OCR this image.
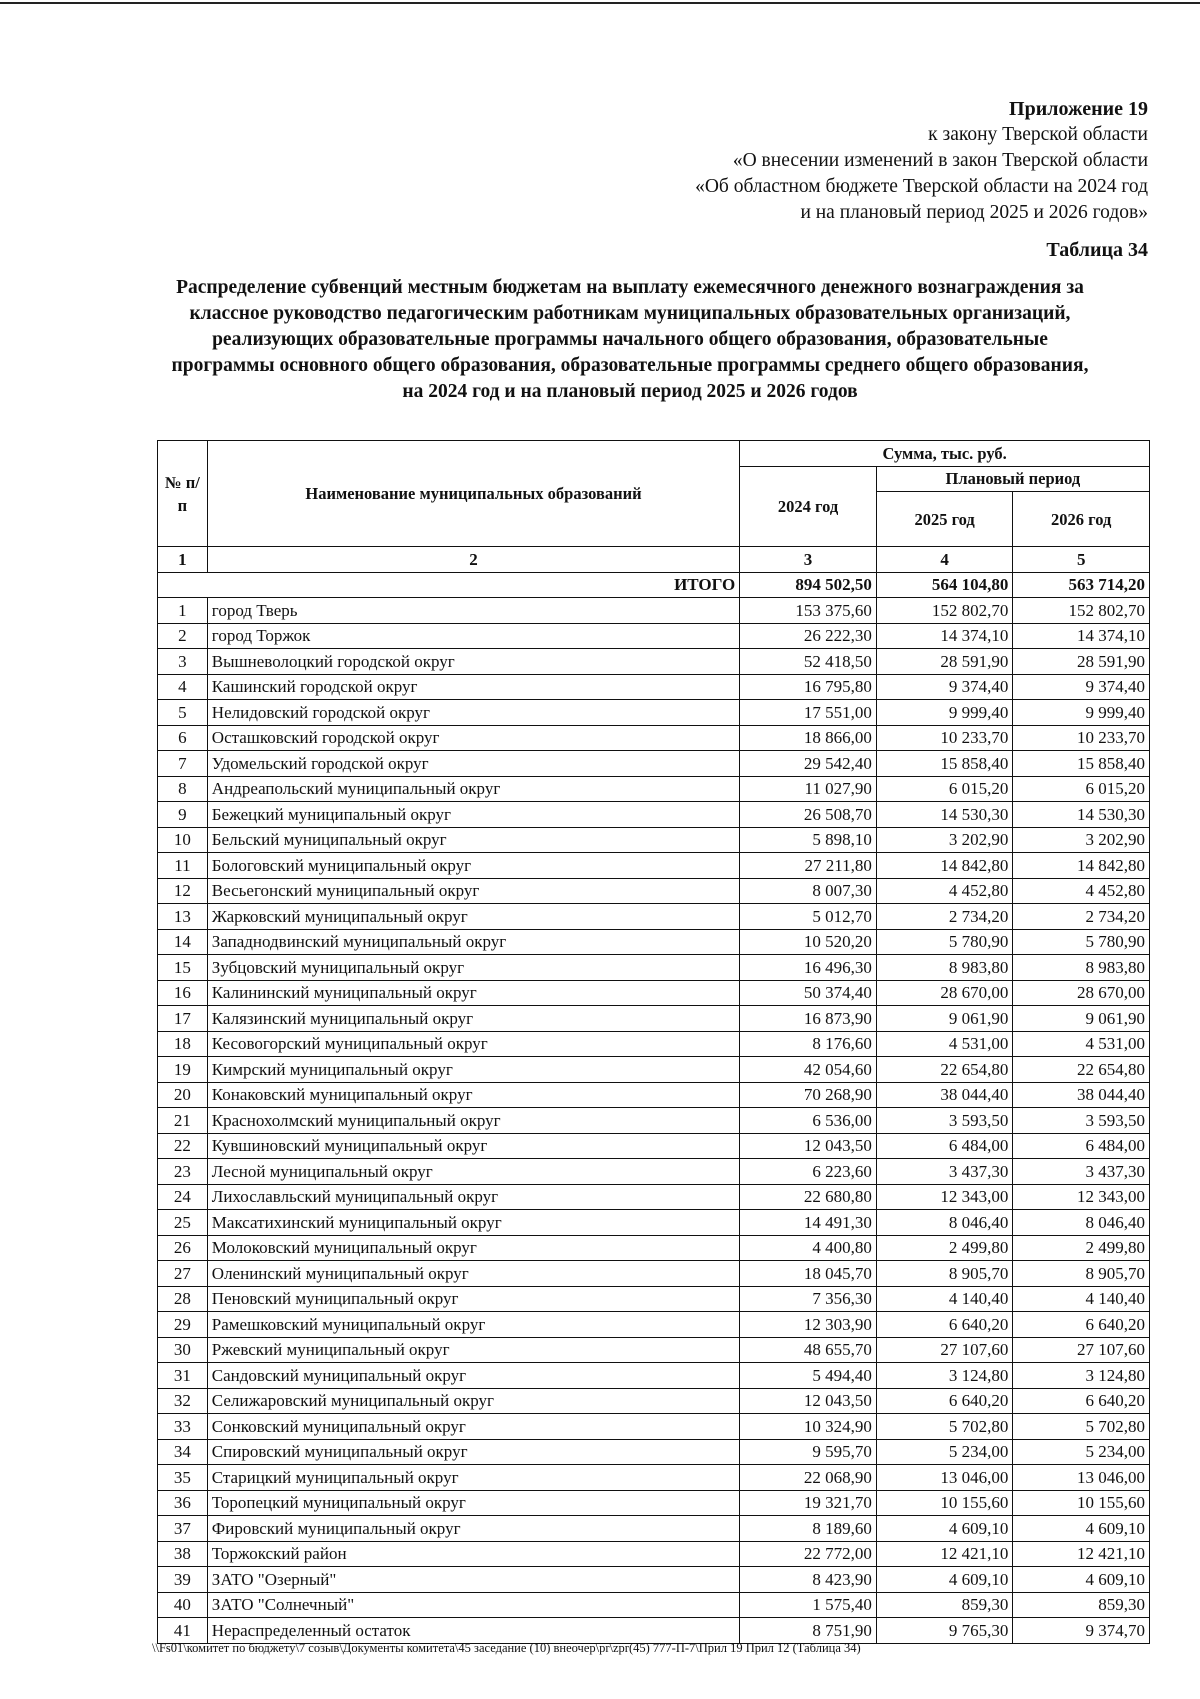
Приложение 19
к закону Тверской области
«О внесении изменений в закон Тверской области
«Об областном бюджете Тверской области на 2024 год
и на плановый период 2025 и 2026 годов»
Таблица 34
Распределение субвенций местным бюджетам на выплату ежемесячного денежного вознаграждения за
классное руководство педагогическим работникам муниципальных образовательных организаций,
реализующих образовательные программы начального общего образования, образовательные
программы основного общего образования, образовательные программы среднего общего образования,
на 2024 год и на плановый период 2025 и 2026 годов
№ п/п	Наименование муниципальных образований	Сумма, тыс. руб.		
		2024 год	Плановый период	
			2025 год	2026 год
1	2	3	4	5
ИТОГО		894 502,50	564 104,80	563 714,20
1	город Тверь	153 375,60	152 802,70	152 802,70
2	город Торжок	26 222,30	14 374,10	14 374,10
3	Вышневолоцкий городской округ	52 418,50	28 591,90	28 591,90
4	Кашинский городской округ	16 795,80	9 374,40	9 374,40
5	Нелидовский городской округ	17 551,00	9 999,40	9 999,40
6	Осташковский городской округ	18 866,00	10 233,70	10 233,70
7	Удомельский городской округ	29 542,40	15 858,40	15 858,40
8	Андреапольский муниципальный округ	11 027,90	6 015,20	6 015,20
9	Бежецкий муниципальный округ	26 508,70	14 530,30	14 530,30
10	Бельский муниципальный округ	5 898,10	3 202,90	3 202,90
11	Бологовский муниципальный округ	27 211,80	14 842,80	14 842,80
12	Весьегонский муниципальный округ	8 007,30	4 452,80	4 452,80
13	Жарковский муниципальный округ	5 012,70	2 734,20	2 734,20
14	Западнодвинский муниципальный округ	10 520,20	5 780,90	5 780,90
15	Зубцовский муниципальный округ	16 496,30	8 983,80	8 983,80
16	Калининский муниципальный округ	50 374,40	28 670,00	28 670,00
17	Калязинский муниципальный округ	16 873,90	9 061,90	9 061,90
18	Кесовогорский муниципальный округ	8 176,60	4 531,00	4 531,00
19	Кимрский муниципальный округ	42 054,60	22 654,80	22 654,80
20	Конаковский муниципальный округ	70 268,90	38 044,40	38 044,40
21	Краснохолмский муниципальный округ	6 536,00	3 593,50	3 593,50
22	Кувшиновский муниципальный округ	12 043,50	6 484,00	6 484,00
23	Лесной муниципальный округ	6 223,60	3 437,30	3 437,30
24	Лихославльский муниципальный округ	22 680,80	12 343,00	12 343,00
25	Максатихинский муниципальный округ	14 491,30	8 046,40	8 046,40
26	Молоковский муниципальный округ	4 400,80	2 499,80	2 499,80
27	Оленинский муниципальный округ	18 045,70	8 905,70	8 905,70
28	Пеновский муниципальный округ	7 356,30	4 140,40	4 140,40
29	Рамешковский муниципальный округ	12 303,90	6 640,20	6 640,20
30	Ржевский муниципальный округ	48 655,70	27 107,60	27 107,60
31	Сандовский муниципальный округ	5 494,40	3 124,80	3 124,80
32	Селижаровский муниципальный округ	12 043,50	6 640,20	6 640,20
33	Сонковский муниципальный округ	10 324,90	5 702,80	5 702,80
34	Спировский муниципальный округ	9 595,70	5 234,00	5 234,00
35	Старицкий муниципальный округ	22 068,90	13 046,00	13 046,00
36	Торопецкий муниципальный округ	19 321,70	10 155,60	10 155,60
37	Фировский муниципальный округ	8 189,60	4 609,10	4 609,10
38	Торжокский район	22 772,00	12 421,10	12 421,10
39	ЗАТО "Озерный"	8 423,90	4 609,10	4 609,10
40	ЗАТО "Солнечный"	1 575,40	859,30	859,30
41	Нераспределенный остаток	8 751,90	9 765,30	9 374,70
\\Fs01\комитет по бюджету\7 созыв\Документы комитета\45 заседание (10) внеочер\pr\zpr(45) 777-П-7\Прил 19 Прил 12 (Таблица 34)
